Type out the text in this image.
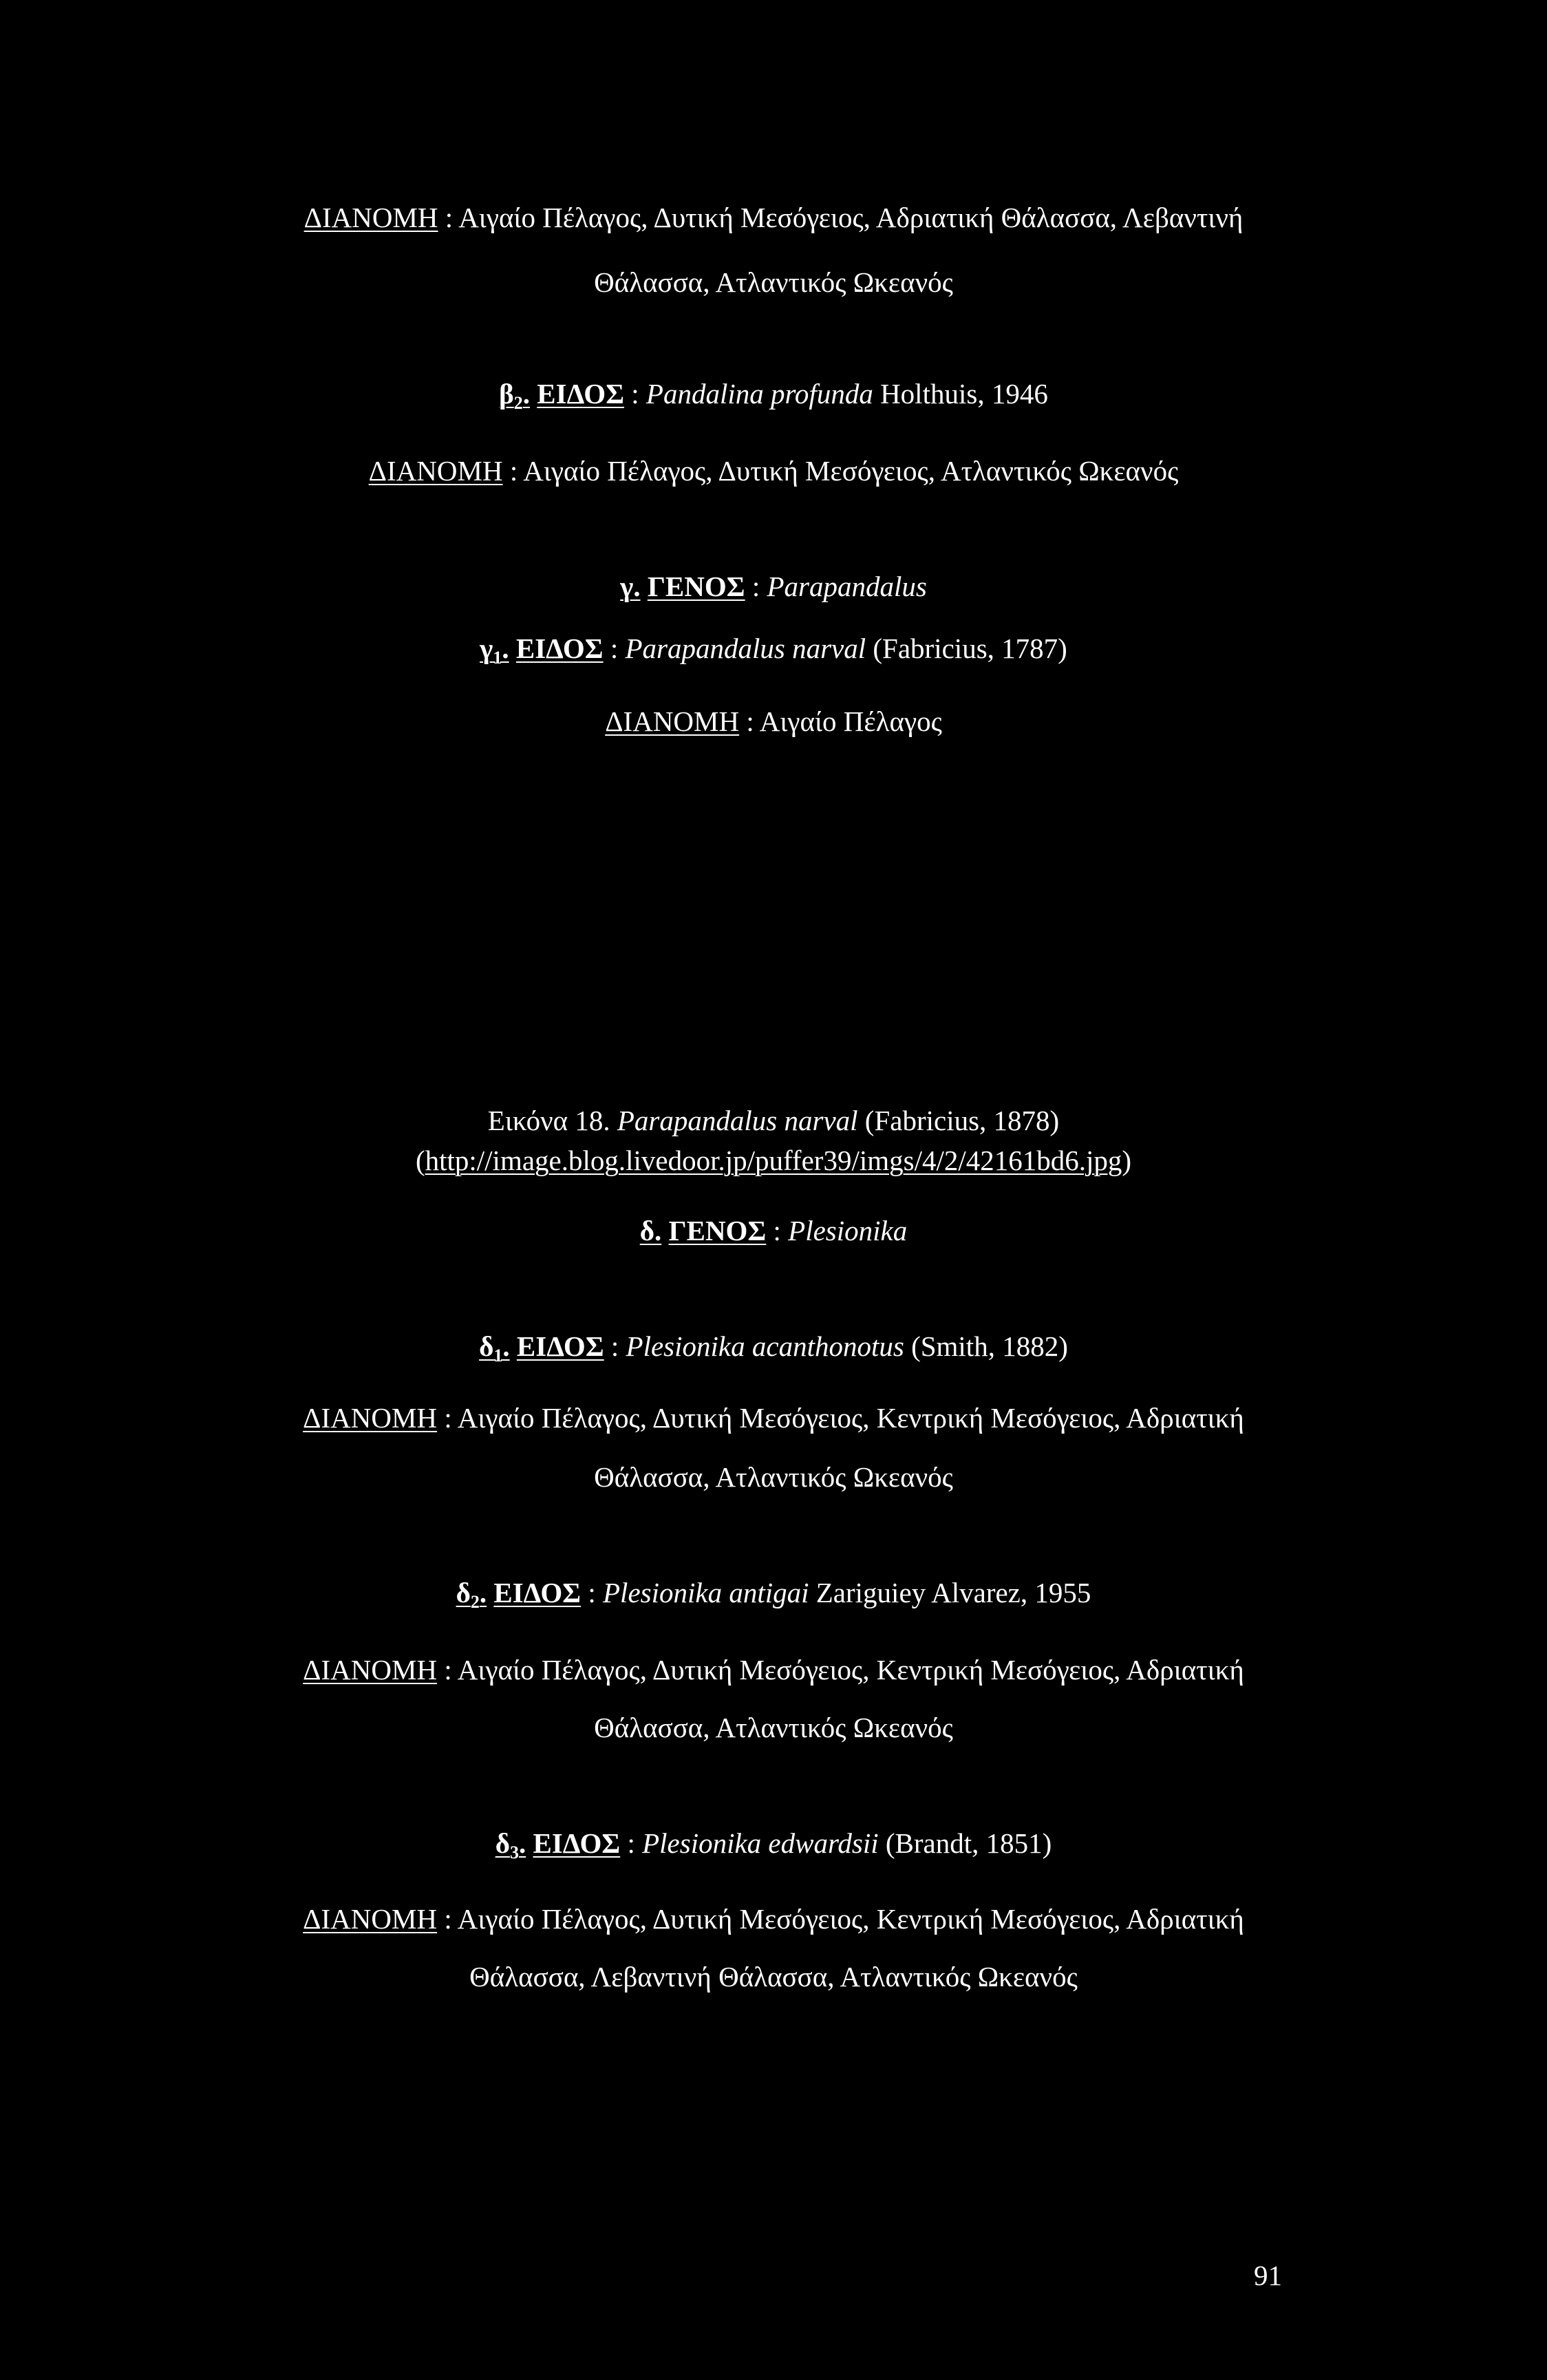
ΔΙΑΝΟΜΗ : Αιγαίο Πέλαγος, Δυτική Μεσόγειος, Αδριατική Θάλασσα, Λεβαντινή
Θάλασσα, Ατλαντικός Ωκεανός
$\beta_2$. ΕΙΔΟΣ : Pandalina profunda Holthuis, 1946
ΔΙΑΝΟΜΗ : Αιγαίο Πέλαγος, Δυτική Μεσόγειος, Ατλαντικός Ωκεανός
γ. ΓΕΝΟΣ : Parapandalus
$\gamma_1$. ΕΙΔΟΣ : Parapandalus narval (Fabricius, 1787)
ΔΙΑΝΟΜΗ : Αιγαίο Πέλαγος
Εικόνα 18. Parapandalus narval (Fabricius, 1878)
(http://image.blog.livedoor.jp/puffer39/imgs/4/2/42161bd6.jpg)
δ. ΓΕΝΟΣ : Plesionika
$\delta_1$. ΕΙΔΟΣ : Plesionika acanthonotus (Smith, 1882)
ΔΙΑΝΟΜΗ : Αιγαίο Πέλαγος, Δυτική Μεσόγειος, Κεντρική Μεσόγειος, Αδριατική
Θάλασσα, Ατλαντικός Ωκεανός
$\delta_2$. ΕΙΔΟΣ : Plesionika antigai Zariguiey Alvarez, 1955
ΔΙΑΝΟΜΗ : Αιγαίο Πέλαγος, Δυτική Μεσόγειος, Κεντρική Μεσόγειος, Αδριατική
Θάλασσα, Ατλαντικός Ωκεανός
$\delta_3$. ΕΙΔΟΣ : Plesionika edwardsii (Brandt, 1851)
ΔΙΑΝΟΜΗ : Αιγαίο Πέλαγος, Δυτική Μεσόγειος, Κεντρική Μεσόγειος, Αδριατική
Θάλασσα, Λεβαντινή Θάλασσα, Ατλαντικός Ωκεανός
91
